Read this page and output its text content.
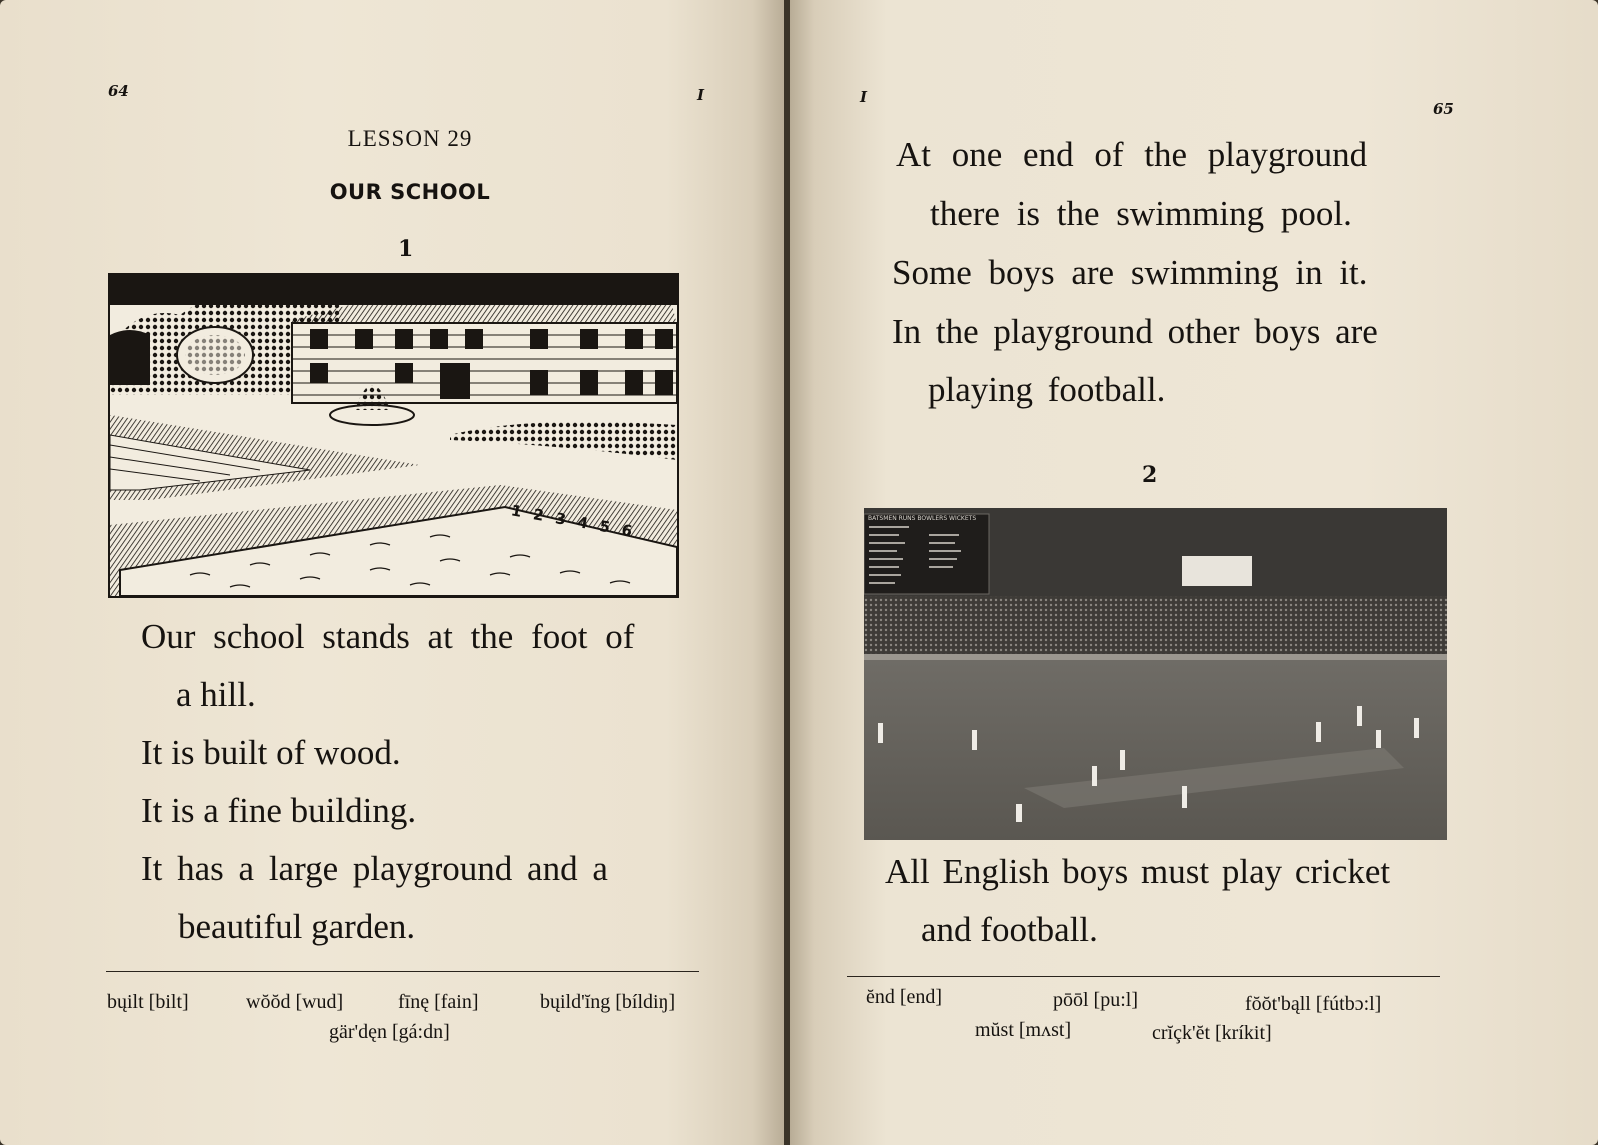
64	I
LESSON 29
OUR SCHOOL
1
123456
Our school stands at the foot of
a hill.
It is built of wood.
It is a fine building.
It has a large playground and a
beautiful garden.
bųilt [bilt]	wŏŏd [wud]	fīnę [fain]	bųild'ĭng [bíldiŋ]
gär'dęn [gá:dn]
I
65
At one end of the playground
there is the swimming pool.
Some boys are swimming in it.
In the playground other boys are
playing football.
2
BATSMEN RUNS BOWLERS WICKETS
All English boys must play cricket
and football.
ĕnd [end]	pōōl [pu:l]	fŏŏt'bąll [fútbɔ:l]
mŭst [mʌst]	crĭçk'ĕt [kríkit]
